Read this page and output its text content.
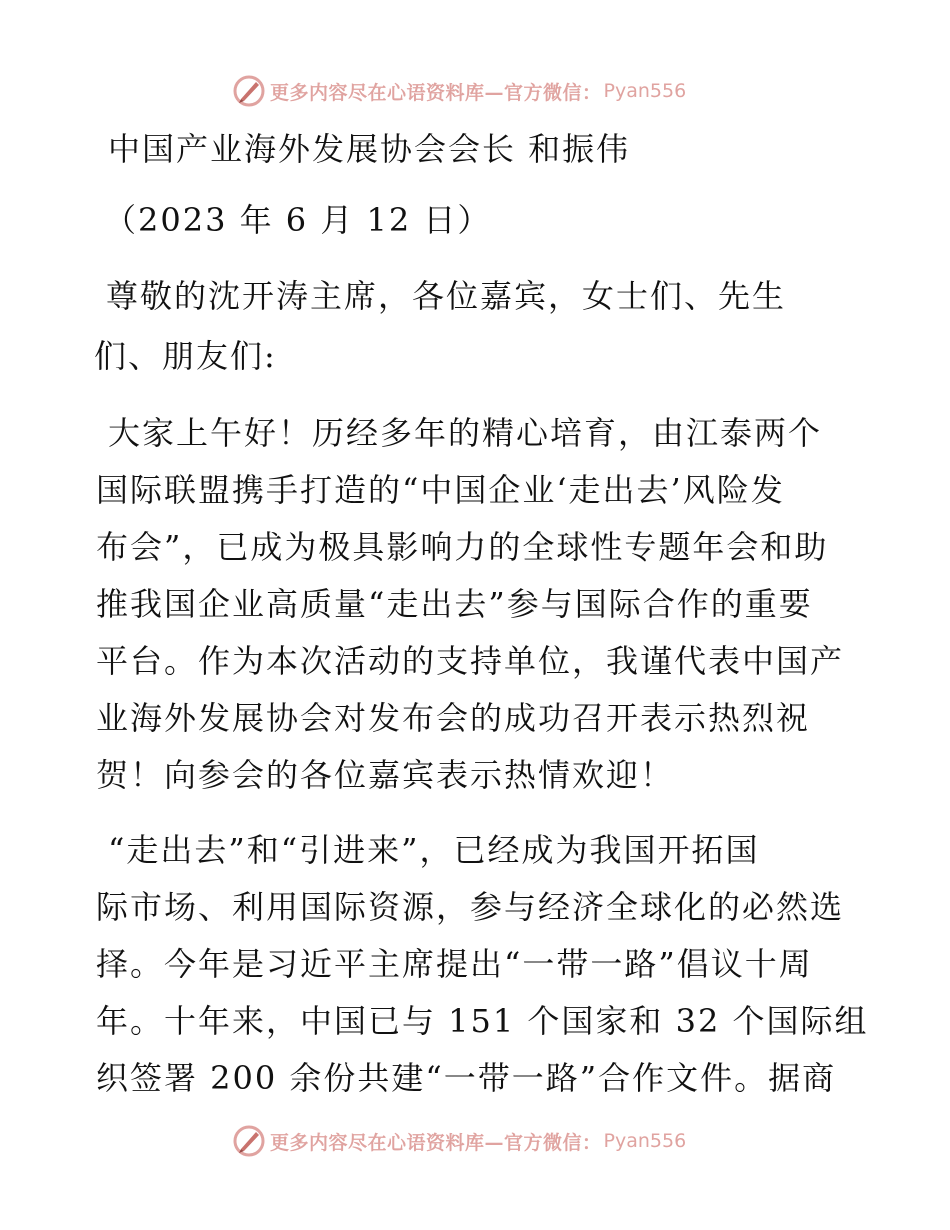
更多内容尽在心语资料库—官方微信： Pyan556
中国产业海外发展协会会长 和振伟
（2023 年 6 月 12 日）
尊敬的沈开涛主席，各位嘉宾，女士们、先生
们、朋友们:
大家上午好！历经多年的精心培育，由江泰两个
国际联盟携手打造的“中国企业‘走出去’风险发
布会”，已成为极具影响力的全球性专题年会和助
推我国企业高质量“走出去”参与国际合作的重要
平台。作为本次活动的支持单位，我谨代表中国产
业海外发展协会对发布会的成功召开表示热烈祝
贺！向参会的各位嘉宾表示热情欢迎！
“走出去”和“引进来”，已经成为我国开拓国
际市场、利用国际资源，参与经济全球化的必然选
择。今年是习近平主席提出“一带一路”倡议十周
年。十年来，中国已与 151 个国家和 32 个国际组
织签署 200 余份共建“一带一路”合作文件。据商
更多内容尽在心语资料库—官方微信： Pyan556
